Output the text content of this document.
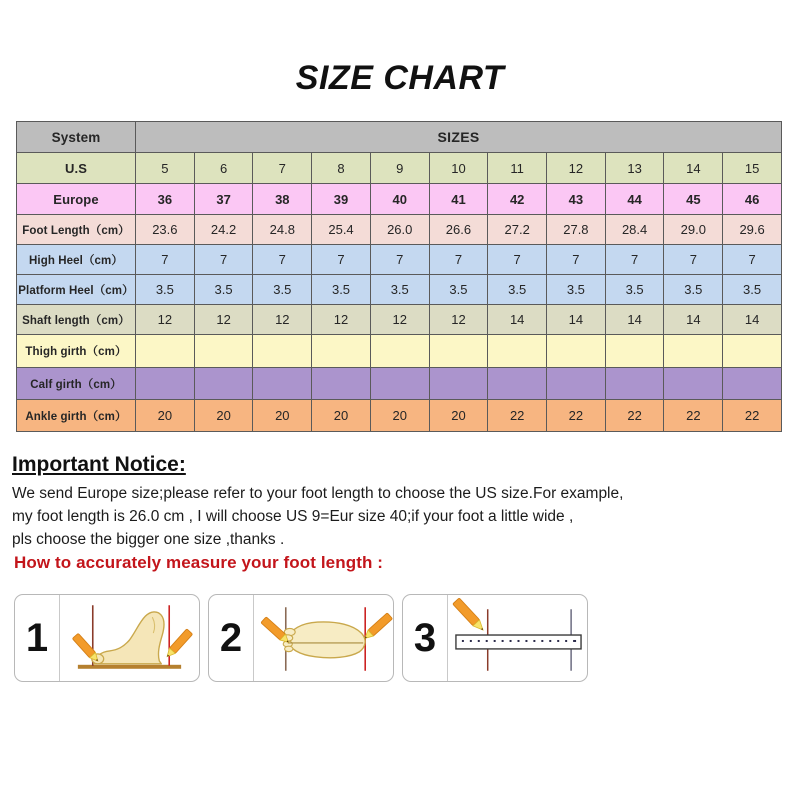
SIZE CHART
System	SIZES										
U.S	5	6	7	8	9	10	11	12	13	14	15
Europe	36	37	38	39	40	41	42	43	44	45	46
Foot Length（cm）	23.6	24.2	24.8	25.4	26.0	26.6	27.2	27.8	28.4	29.0	29.6
High Heel（cm）	7	7	7	7	7	7	7	7	7	7	7
Platform Heel（cm）	3.5	3.5	3.5	3.5	3.5	3.5	3.5	3.5	3.5	3.5	3.5
Shaft length（cm）	12	12	12	12	12	12	14	14	14	14	14
Thigh girth（cm）											
Calf girth（cm）											
Ankle girth（cm）	20	20	20	20	20	20	22	22	22	22	22
Important Notice:
We send Europe size;please refer to your foot length to choose the US size.For example,
my foot length is 26.0 cm , I will choose US 9=Eur size 40;if your foot a little wide ,
pls choose the bigger one size ,thanks .
How to accurately measure your foot length :
1	2	3
